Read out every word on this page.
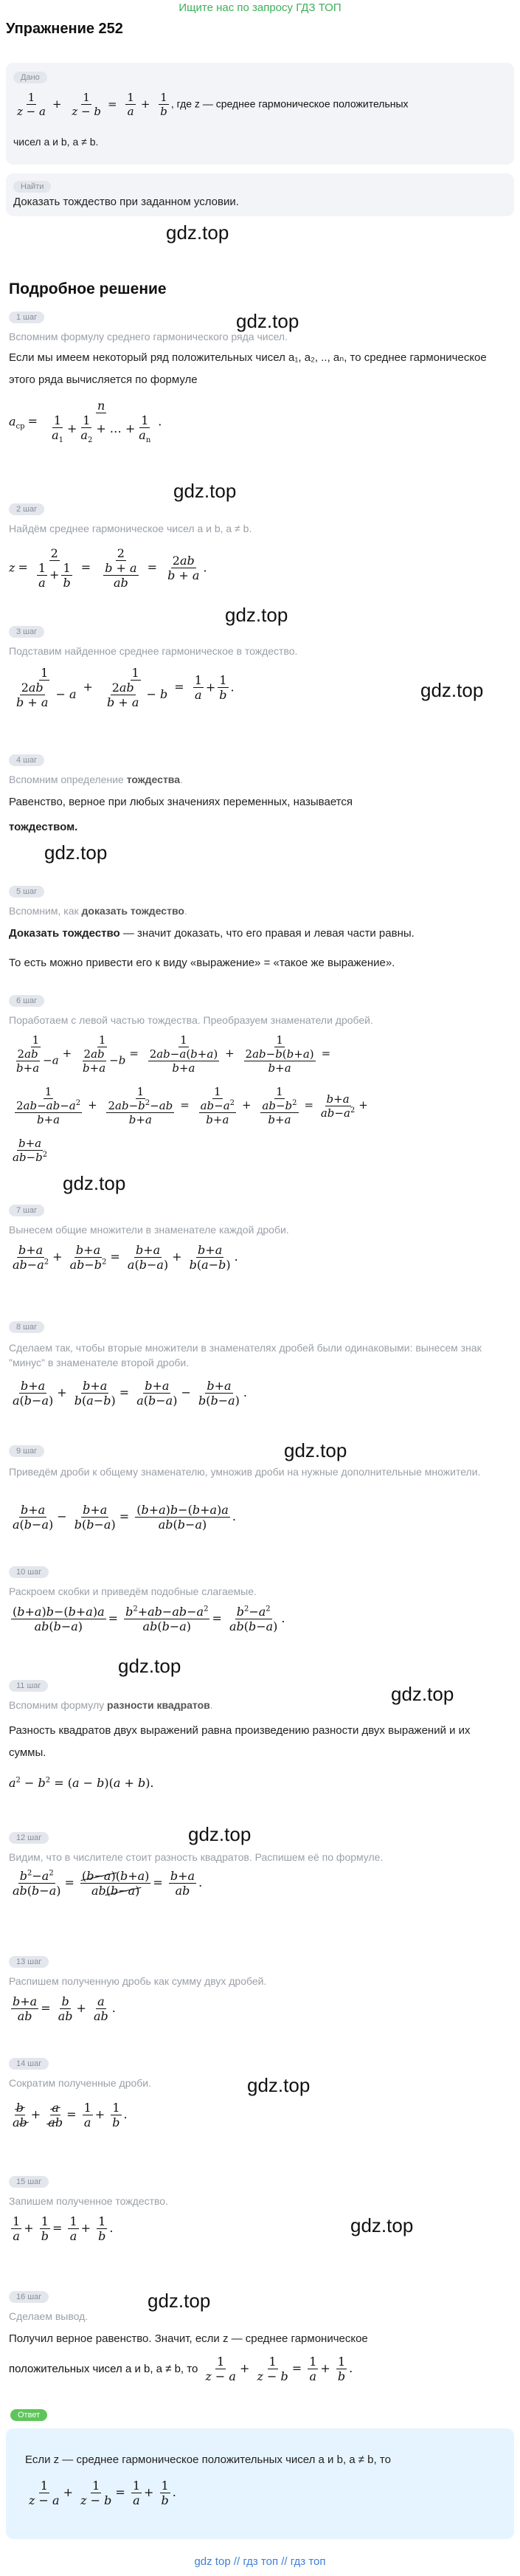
Ищите нас по запросу ГДЗ ТОП
Упражнение 252
Дано
$\frac{1}{z - a} + \frac{1}{z - b} = \frac{1}{a} + \frac{1}{b}$ , где z — среднее гармоническое положительных
чисел a и b, a ≠ b.
Найти
Доказать тождество при заданном условии.
Подробное решение
1 шаг
Вспомним формулу среднего гармонического ряда чисел.
Если мы имеем некоторый ряд положительных чисел a₁, a₂, .., aₙ, то среднее гармоническое этого ряда вычисляется по формуле
$a_{ср} = \frac{n}{\frac{1}{a_1} + \frac{1}{a_2} + \dots + \frac{1}{a_n}}$ .
2 шаг
Найдём среднее гармоническое чисел a и b, a ≠ b.
$z = \frac{2}{\frac{1}{a} + \frac{1}{b}} = \frac{2}{\frac{b + a}{ab}} = \frac{2ab}{b + a}$ .
3 шаг
Подставим найденное среднее гармоническое в тождество.
$\frac{1}{\frac{2ab}{b + a} - a} + \frac{1}{\frac{2ab}{b + a} - b} = \frac{1}{a} + \frac{1}{b}$ .
4 шаг
Вспомним определение тождества.
Равенство, верное при любых значениях переменных, называется
тождеством.
5 шаг
Вспомним, как доказать тождество.
Доказать тождество — значит доказать, что его правая и левая части равны.
То есть можно привести его к виду «выражение» = «такое же выражение».
6 шаг
Поработаем с левой частью тождества. Преобразуем знаменатели дробей.
$\frac{1}{\frac{2ab}{b+a} -a} + \frac{1}{\frac{2ab}{b+a} -b} = \frac{1}{\frac{2ab-a(b+a)}{b+a}} + \frac{1}{\frac{2ab-b(b+a)}{b+a}}$ =
$\frac{1}{\frac{2ab-ab-a^2}{b+a}} + \frac{1}{\frac{2ab-b^2-ab}{b+a}} = \frac{1}{\frac{ab-a^2}{b+a}} + \frac{1}{\frac{ab-b^2}{b+a}} = \frac{b+a}{ab-a^2}$ +
$\frac{b+a}{ab-b^2}$
7 шаг
Вынесем общие множители в знаменателе каждой дроби.
$\frac{b+a}{ab-a^2} + \frac{b+a}{ab-b^2} = \frac{b+a}{a(b-a)} + \frac{b+a}{b(a-b)}$ .
8 шаг
Сделаем так, чтобы вторые множители в знаменателях дробей были одинаковыми: вынесем знак "минус" в знаменателе второй дроби.
$\frac{b+a}{a(b-a)} + \frac{b+a}{b(a-b)} = \frac{b+a}{a(b-a)} - \frac{b+a}{b(b-a)}$ .
9 шаг
Приведём дроби к общему знаменателю, умножив дроби на нужные дополнительные множители.
$\frac{b+a}{a(b-a)} - \frac{b+a}{b(b-a)} = \frac{(b+a)b-(b+a)a}{ab(b-a)}$ .
10 шаг
Раскроем скобки и приведём подобные слагаемые.
$\frac{(b+a)b-(b+a)a}{ab(b-a)} = \frac{b^2+ab-ab-a^2}{ab(b-a)} = \frac{b^2-a^2}{ab(b-a)}$ .
11 шаг
Вспомним формулу разности квадратов.
Разность квадратов двух выражений равна произведению разности двух выражений и их суммы.
$a^2 - b^2 = (a - b)(a + b)$.
12 шаг
Видим, что в числителе стоит разность квадратов. Распишем её по формуле.
$\frac{b^2-a^2}{ab(b-a)} = \frac{(b-a)(b+a)}{ab(b-a)} = \frac{b+a}{ab}$ .
13 шаг
Распишем полученную дробь как сумму двух дробей.
$\frac{b+a}{ab} = \frac{b}{ab} + \frac{a}{ab}$ .
14 шаг
Сократим полученные дроби.
$\frac{b}{ab} + \frac{a}{ab} = \frac{1}{a} + \frac{1}{b}$ .
15 шаг
Запишем полученное тождество.
$\frac{1}{a} + \frac{1}{b} = \frac{1}{a} + \frac{1}{b}$ .
16 шаг
Сделаем вывод.
Получил верное равенство. Значит, если z — среднее гармоническое
положительных чисел a и b, a ≠ b, то $\frac{1}{z - a} + \frac{1}{z - b} = \frac{1}{a} + \frac{1}{b}$ .
Ответ
Если z — среднее гармоническое положительных чисел a и b, a ≠ b, то
$\frac{1}{z - a} + \frac{1}{z - b} = \frac{1}{a} + \frac{1}{b}$ .
gdz.top
gdz.top
gdz.top
gdz.top
gdz.top
gdz.top
gdz.top
gdz.top
gdz.top
gdz.top
gdz.top
gdz.top
gdz.top
gdz.top
gdz top // гдз топ // гдз топ
